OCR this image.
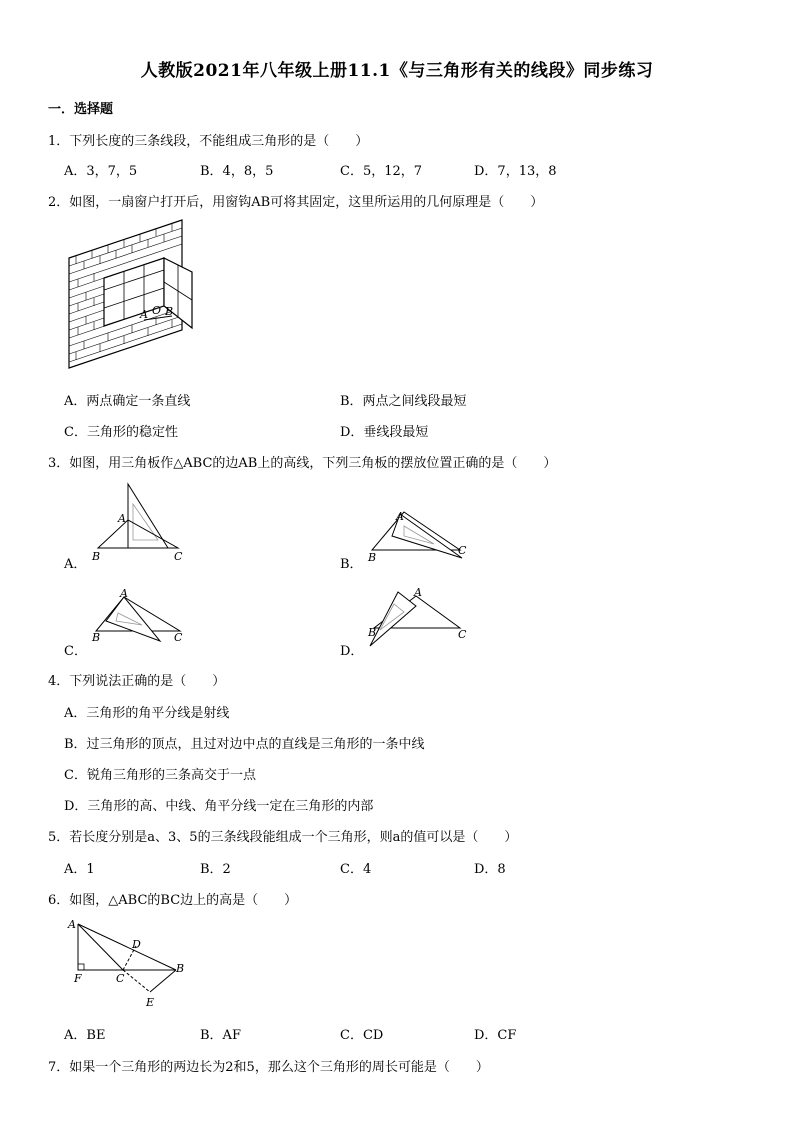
人教版2021年八年级上册11.1《与三角形有关的线段》同步练习
一．选择题
1．下列长度的三条线段，不能组成三角形的是（　　）
A．3，7，5	B．4，8，5	C．5，12，7	D．7，13，8
2．如图，一扇窗户打开后，用窗钩AB可将其固定，这里所运用的几何原理是（　　）
A O B
A．两点确定一条直线	B．两点之间线段最短
C．三角形的稳定性	D．垂线段最短
3．如图，用三角板作△ABC的边AB上的高线，下列三角板的摆放位置正确的是（　　）
A．
A
B	C
B．
A
B
C
C．
A
B	C
D．
A
B	C
4．下列说法正确的是（　　）
A．三角形的角平分线是射线
B．过三角形的顶点，且过对边中点的直线是三角形的一条中线
C．锐角三角形的三条高交于一点
D．三角形的高、中线、角平分线一定在三角形的内部
5．若长度分别是a、3、5的三条线段能组成一个三角形，则a的值可以是（　　）
A．1	B．2	C．4	D．8
6．如图，△ABC的BC边上的高是（　　）
A
D
F	C
B
E
A．BE	B．AF	C．CD	D．CF
7．如果一个三角形的两边长为2和5，那么这个三角形的周长可能是（　　）
